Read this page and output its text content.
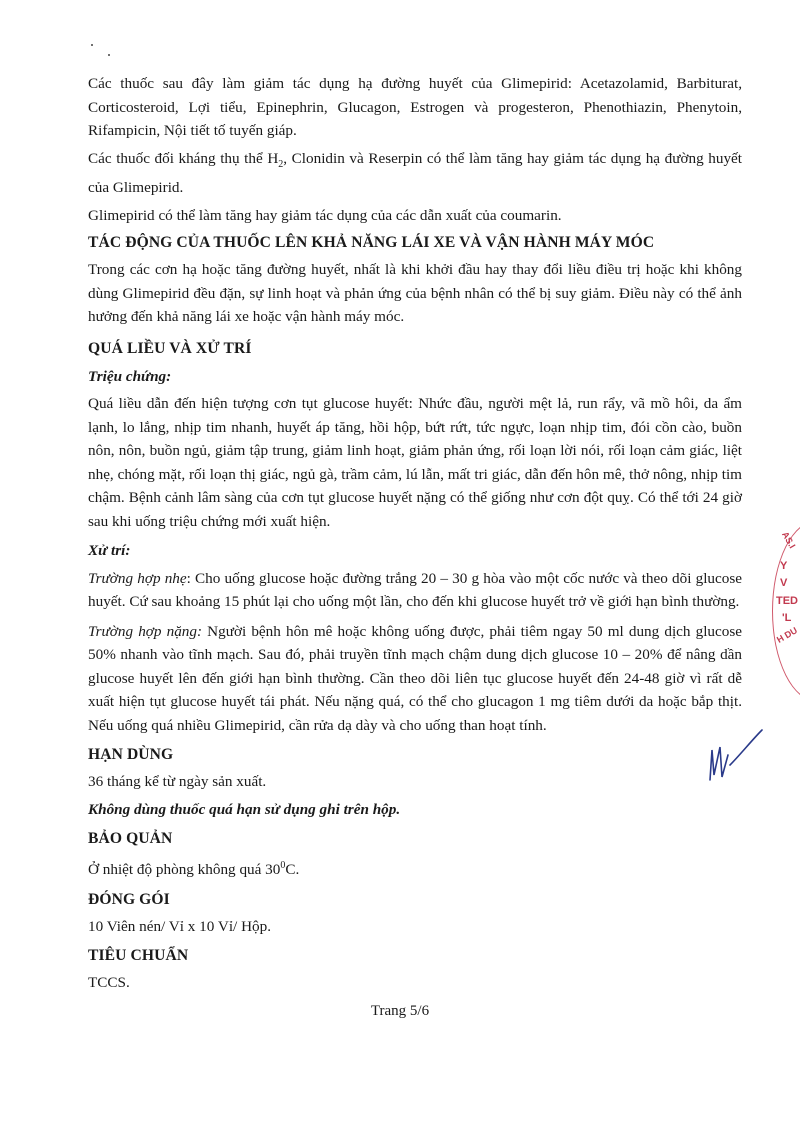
Các thuốc sau đây làm giảm tác dụng hạ đường huyết của Glimepirid: Acetazolamid, Barbiturat, Corticosteroid, Lợi tiểu, Epinephrin, Glucagon, Estrogen và progesteron, Phenothiazin, Phenytoin, Rifampicin, Nội tiết tố tuyến giáp.

Các thuốc đối kháng thụ thể $H_2$, Clonidin và Reserpin có thể làm tăng hay giảm tác dụng hạ đường huyết của Glimepirid.

Glimepirid có thể làm tăng hay giảm tác dụng của các dẫn xuất của coumarin.

TÁC ĐỘNG CỦA THUỐC LÊN KHẢ NĂNG LÁI XE VÀ VẬN HÀNH MÁY MÓC

Trong các cơn hạ hoặc tăng đường huyết, nhất là khi khởi đầu hay thay đổi liều điều trị hoặc khi không dùng Glimepirid đều đặn, sự linh hoạt và phản ứng của bệnh nhân có thể bị suy giảm. Điều này có thể ảnh hưởng đến khả năng lái xe hoặc vận hành máy móc.

QUÁ LIỀU VÀ XỬ TRÍ

Triệu chứng:

Quá liều dẫn đến hiện tượng cơn tụt glucose huyết: Nhức đầu, người mệt lả, run rẩy, vã mồ hôi, da ẩm lạnh, lo lắng, nhịp tim nhanh, huyết áp tăng, hồi hộp, bứt rứt, tức ngực, loạn nhịp tim, đói cồn cào, buồn nôn, nôn, buồn ngủ, giảm tập trung, giảm linh hoạt, giảm phản ứng, rối loạn lời nói, rối loạn cảm giác, liệt nhẹ, chóng mặt, rối loạn thị giác, ngủ gà, trầm cảm, lú lẫn, mất tri giác, dẫn đến hôn mê, thở nông, nhịp tim chậm. Bệnh cảnh lâm sàng của cơn tụt glucose huyết nặng có thể giống như cơn đột quỵ. Có thể tới 24 giờ sau khi uống triệu chứng mới xuất hiện.

Xử trí:

Trường hợp nhẹ: Cho uống glucose hoặc đường trắng 20 – 30 g hòa vào một cốc nước và theo dõi glucose huyết. Cứ sau khoảng 15 phút lại cho uống một lần, cho đến khi glucose huyết trở về giới hạn bình thường.

Trường hợp nặng: Người bệnh hôn mê hoặc không uống được, phải tiêm ngay 50 ml dung dịch glucose 50% nhanh vào tĩnh mạch. Sau đó, phải truyền tĩnh mạch chậm dung dịch glucose 10 – 20% để nâng dần glucose huyết lên đến giới hạn bình thường. Cần theo dõi liên tục glucose huyết đến 24-48 giờ vì rất dễ xuất hiện tụt glucose huyết tái phát. Nếu nặng quá, có thể cho glucagon 1 mg tiêm dưới da hoặc bắp thịt. Nếu uống quá nhiều Glimepirid, cần rửa dạ dày và cho uống than hoạt tính.

HẠN DÙNG

36 tháng kể từ ngày sản xuất.

Không dùng thuốc quá hạn sử dụng ghi trên hộp.

BẢO QUẢN

Ở nhiệt độ phòng không quá $30^0C$.

ĐÓNG GÓI

10 Viên nén/ Vỉ x 10 Vỉ/ Hộp.

TIÊU CHUẨN

TCCS.

Trang 5/6
AS.I
Y
V
TED
'L
H DU
